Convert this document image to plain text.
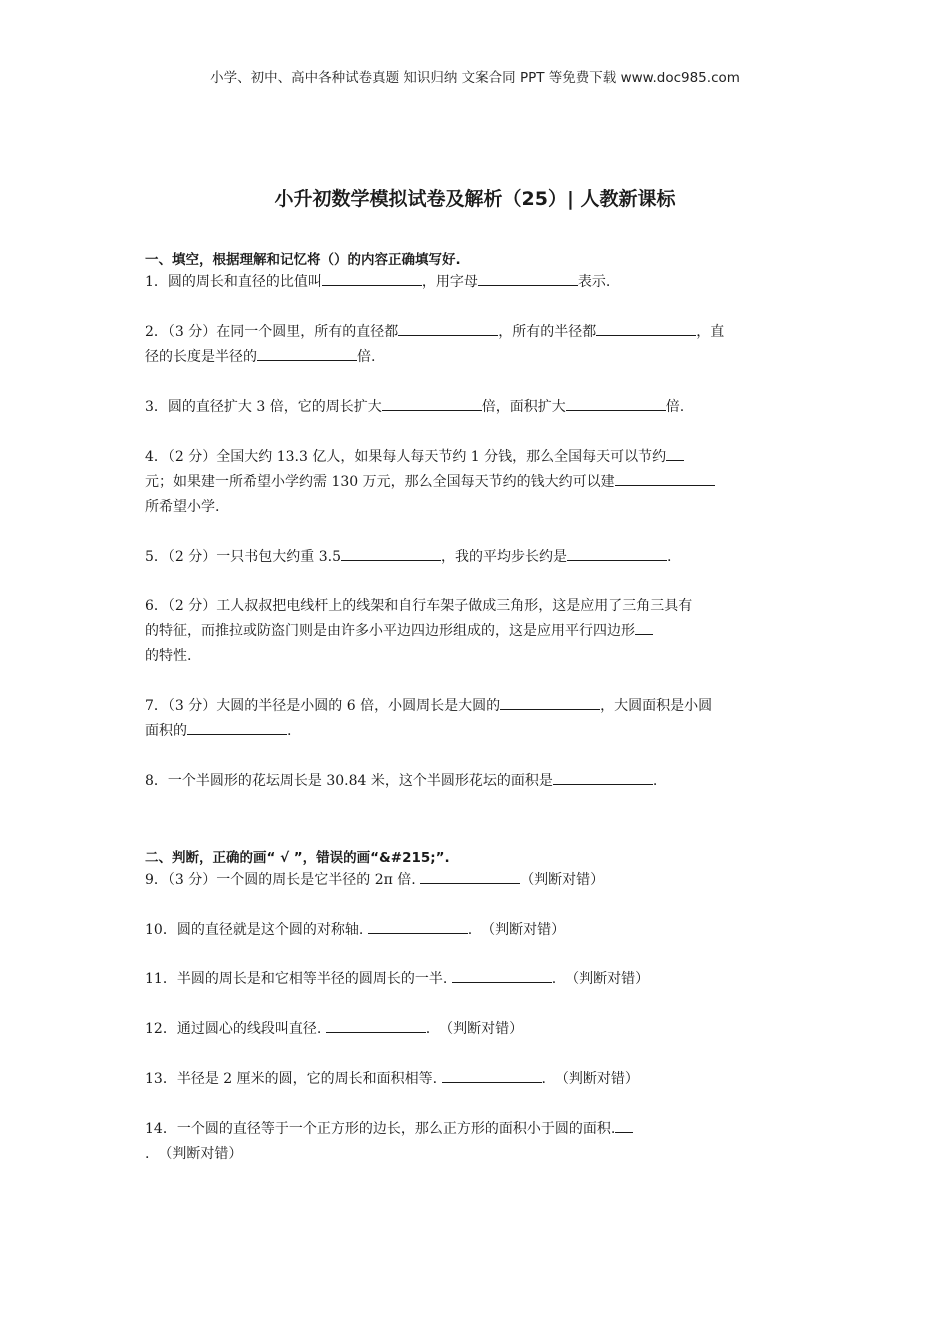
小学、初中、高中各种试卷真题 知识归纳 文案合同 PPT 等免费下载 www.doc985.com
小升初数学模拟试卷及解析（25）| 人教新课标
一、填空，根据理解和记忆将（）的内容正确填写好.
1．圆的周长和直径的比值叫	，用字母	表示.
2．（3 分）在同一个圆里，所有的直径都	，所有的半径都	，直
径的长度是半径的	倍.
3．圆的直径扩大 3 倍，它的周长扩大	倍，面积扩大	倍.
4．（2 分）全国大约 13.3 亿人，如果每人每天节约 1 分钱，那么全国每天可以节约
元；如果建一所希望小学约需 130 万元，那么全国每天节约的钱大约可以建
所希望小学.
5．（2 分）一只书包大约重 3.5	，我的平均步长约是	.
6．（2 分）工人叔叔把电线杆上的线架和自行车架子做成三角形，这是应用了三角三具有
的特征，而推拉或防盗门则是由许多小平边四边形组成的，这是应用平行四边形
的特性.
7．（3 分）大圆的半径是小圆的 6 倍，小圆周长是大圆的	，大圆面积是小圆
面积的	.
8．一个半圆形的花坛周长是 30.84 米，这个半圆形花坛的面积是	.
二、判断，正确的画“ √ ”，错误的画“&#215;”.
9．（3 分）一个圆的周长是它半径的 2π 倍.	（判断对错）
10．圆的直径就是这个圆的对称轴.	.  （判断对错）
11．半圆的周长是和它相等半径的圆周长的一半.	.  （判断对错）
12．通过圆心的线段叫直径.	.  （判断对错）
13．半径是 2 厘米的圆，它的周长和面积相等.	.  （判断对错）
14．一个圆的直径等于一个正方形的边长，那么正方形的面积小于圆的面积.
.  （判断对错）
